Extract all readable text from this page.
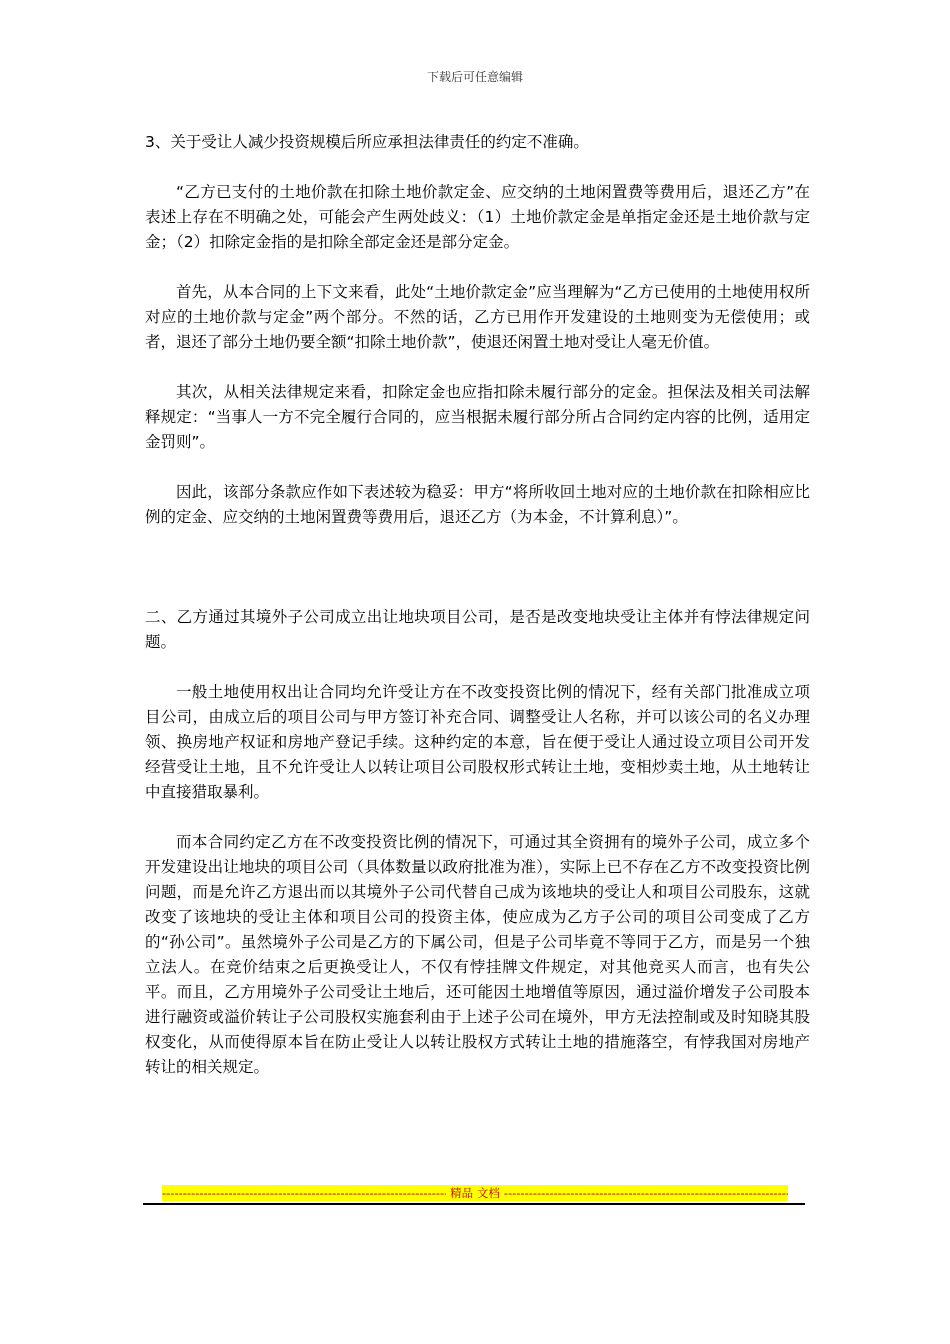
下载后可任意编辑

3、关于受让人减少投资规模后所应承担法律责任的约定不准确。

“乙方已支付的土地价款在扣除土地价款定金、应交纳的土地闲置费等费用后，退还乙方”在表述上存在不明确之处，可能会产生两处歧义：（1）土地价款定金是单指定金还是土地价款与定金；（2）扣除定金指的是扣除全部定金还是部分定金。

首先，从本合同的上下文来看，此处“土地价款定金”应当理解为“乙方已使用的土地使用权所对应的土地价款与定金”两个部分。不然的话，乙方已用作开发建设的土地则变为无偿使用；或者，退还了部分土地仍要全额“扣除土地价款”，使退还闲置土地对受让人毫无价值。

其次，从相关法律规定来看，扣除定金也应指扣除未履行部分的定金。担保法及相关司法解释规定：“当事人一方不完全履行合同的，应当根据未履行部分所占合同约定内容的比例，适用定金罚则”。

因此，该部分条款应作如下表述较为稳妥：甲方“将所收回土地对应的土地价款在扣除相应比例的定金、应交纳的土地闲置费等费用后，退还乙方（为本金，不计算利息）”。

二、乙方通过其境外子公司成立出让地块项目公司，是否是改变地块受让主体并有悖法律规定问题。

一般土地使用权出让合同均允许受让方在不改变投资比例的情况下，经有关部门批准成立项目公司，由成立后的项目公司与甲方签订补充合同、调整受让人名称，并可以该公司的名义办理领、换房地产权证和房地产登记手续。这种约定的本意，旨在便于受让人通过设立项目公司开发经营受让土地，且不允许受让人以转让项目公司股权形式转让土地，变相炒卖土地，从土地转让中直接猎取暴利。

而本合同约定乙方在不改变投资比例的情况下，可通过其全资拥有的境外子公司，成立多个开发建设出让地块的项目公司（具体数量以政府批准为准），实际上已不存在乙方不改变投资比例问题，而是允许乙方退出而以其境外子公司代替自己成为该地块的受让人和项目公司股东，这就改变了该地块的受让主体和项目公司的投资主体，使应成为乙方子公司的项目公司变成了乙方的“孙公司”。虽然境外子公司是乙方的下属公司，但是子公司毕竟不等同于乙方，而是另一个独立法人。在竞价结束之后更换受让人，不仅有悖挂牌文件规定，对其他竞买人而言，也有失公平。而且，乙方用境外子公司受让土地后，还可能因土地增值等原因，通过溢价增发子公司股本进行融资或溢价转让子公司股权实施套利由于上述子公司在境外，甲方无法控制或及时知晓其股权变化，从而使得原本旨在防止受让人以转让股权方式转让土地的措施落空，有悖我国对房地产转让的相关规定。

-----
精品 文档
-----
